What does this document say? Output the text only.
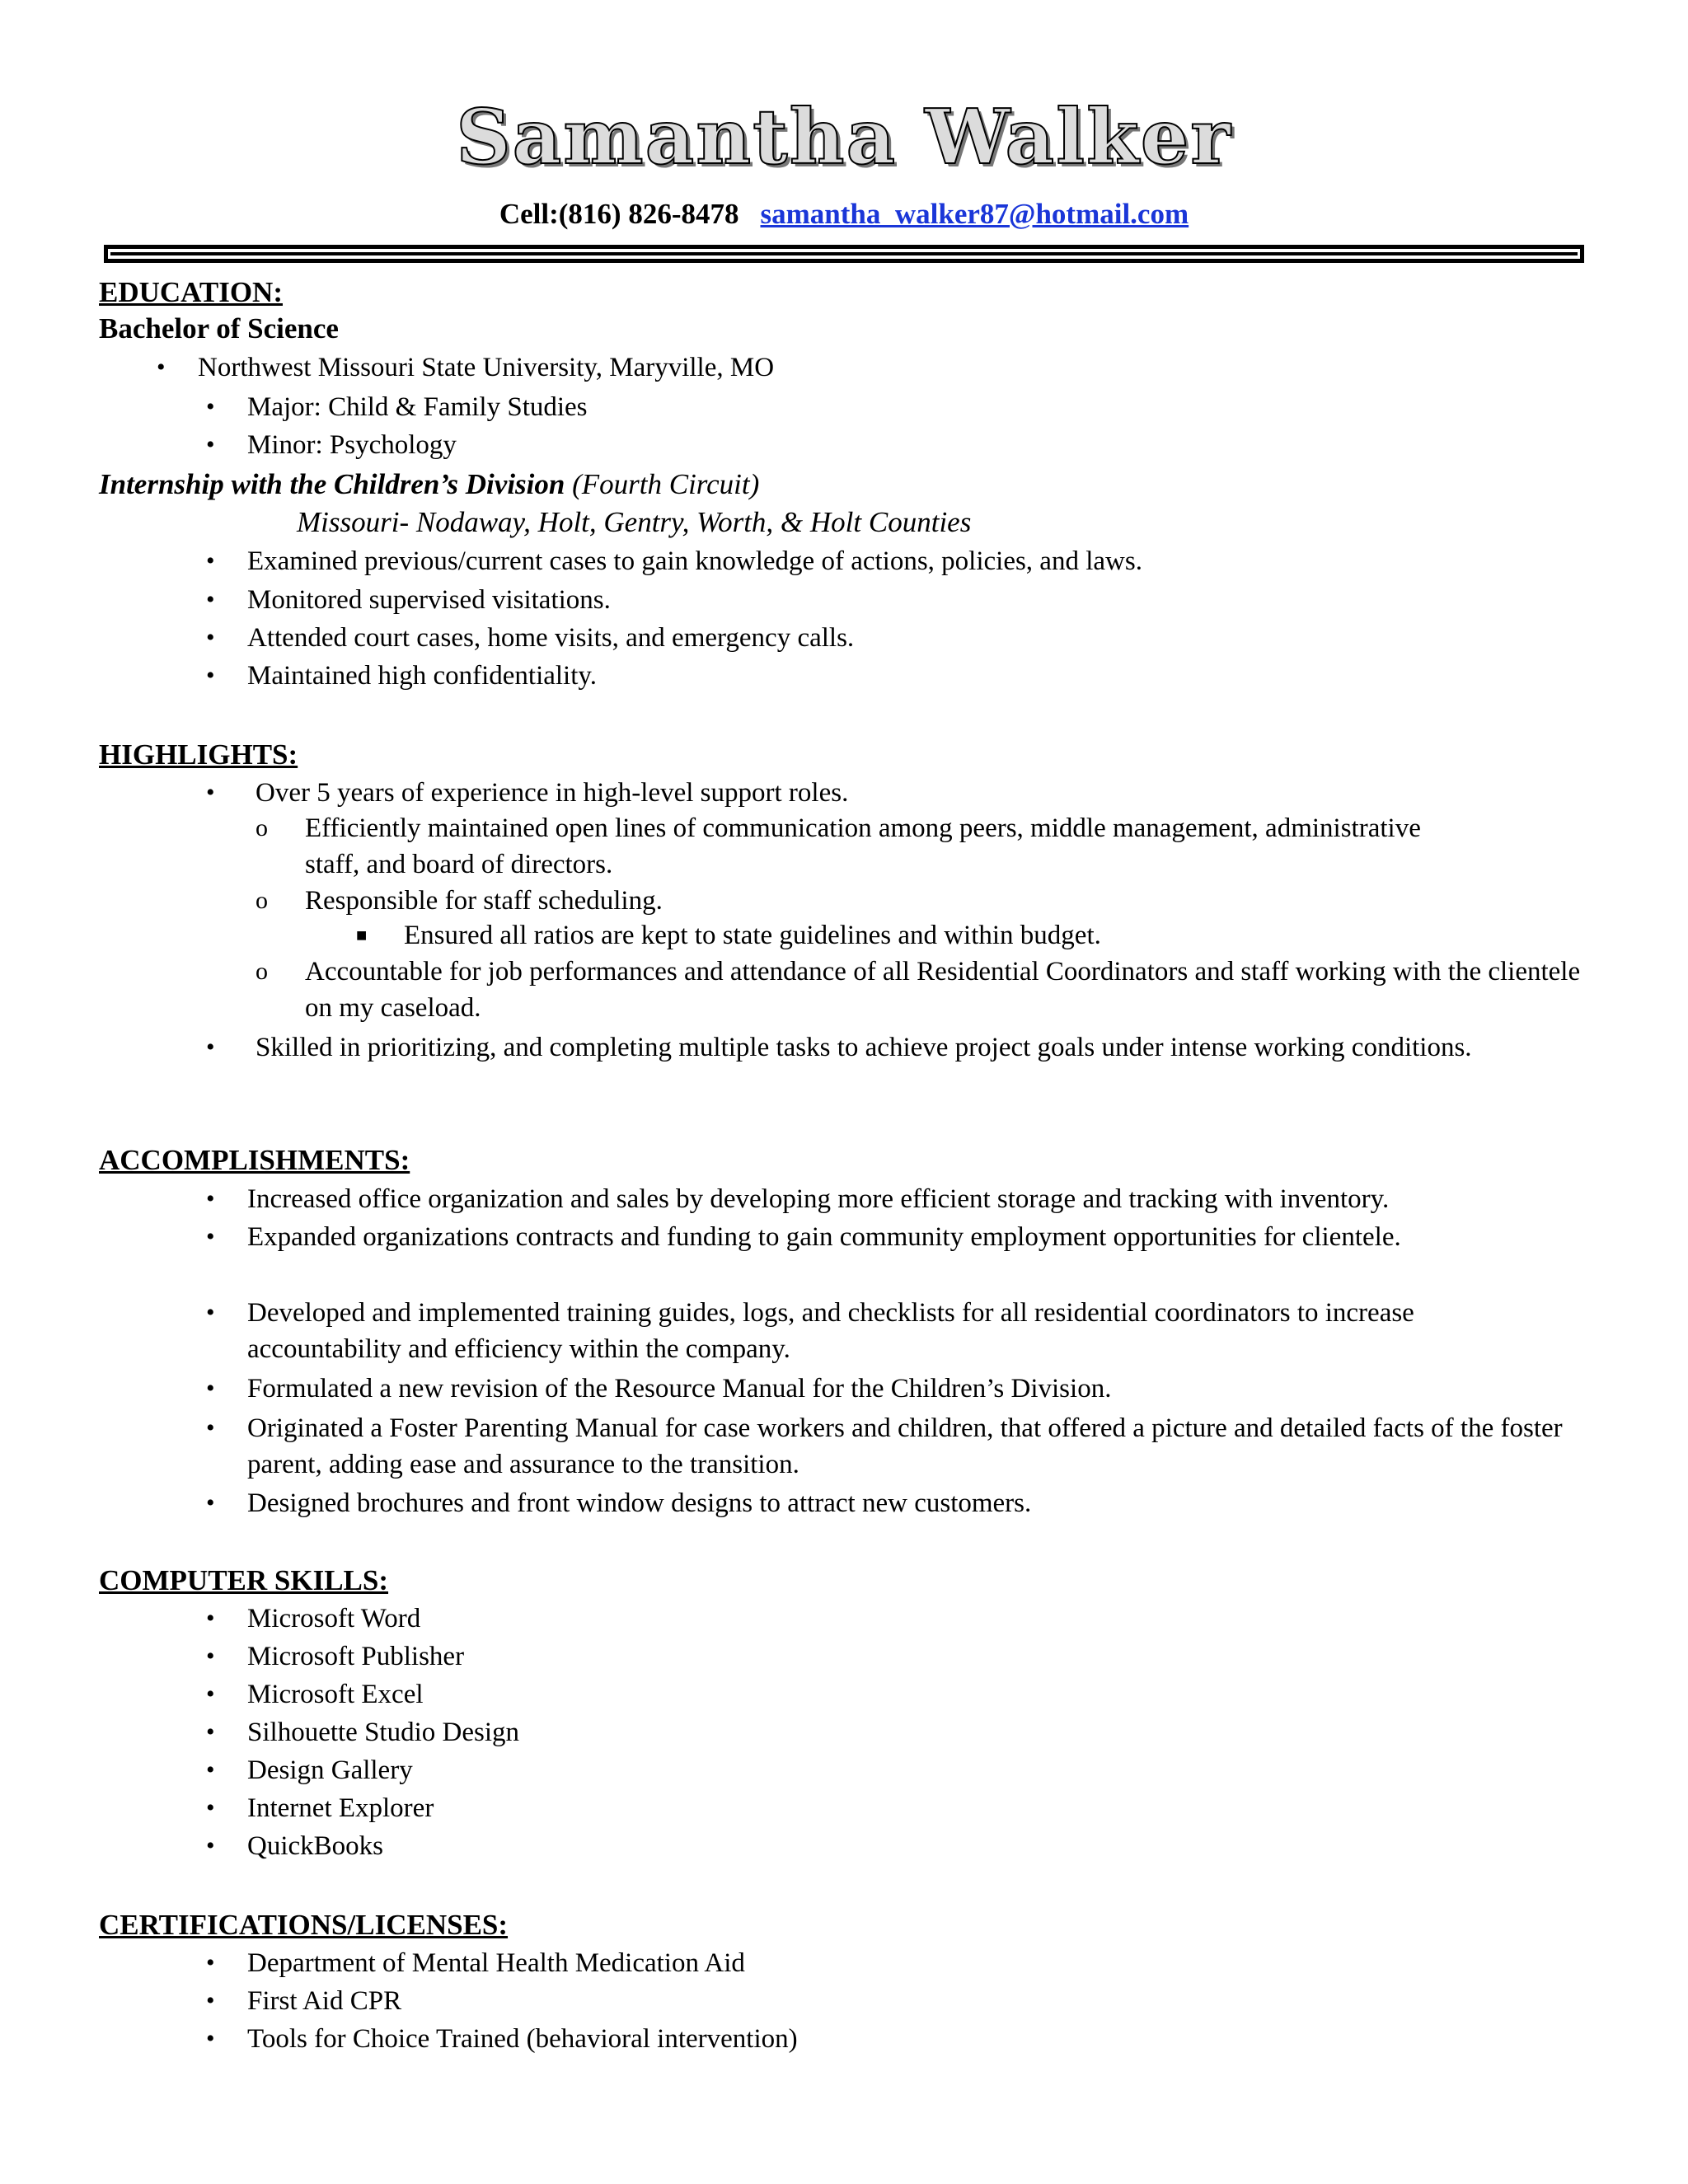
Samantha Walker
Cell:(816) 826-8478 samantha_walker87@hotmail.com
EDUCATION:
Bachelor of Science
• Northwest Missouri State University, Maryville, MO
• Major: Child & Family Studies
• Minor: Psychology
Internship with the Children’s Division (Fourth Circuit)
Missouri- Nodaway, Holt, Gentry, Worth, & Holt Counties
• Examined previous/current cases to gain knowledge of actions, policies, and laws.
• Monitored supervised visitations.
• Attended court cases, home visits, and emergency calls.
• Maintained high confidentiality.
HIGHLIGHTS:
• Over 5 years of experience in high-level support roles.
o Efficiently maintained open lines of communication among peers, middle management, administrative staff, and board of directors.
o Responsible for staff scheduling.
■ Ensured all ratios are kept to state guidelines and within budget.
o Accountable for job performances and attendance of all Residential Coordinators and staff working with the clientele on my caseload.
• Skilled in prioritizing, and completing multiple tasks to achieve project goals under intense working conditions.
ACCOMPLISHMENTS:
• Increased office organization and sales by developing more efficient storage and tracking with inventory.
• Expanded organizations contracts and funding to gain community employment opportunities for clientele.
• Developed and implemented training guides, logs, and checklists for all residential coordinators to increase accountability and efficiency within the company.
• Formulated a new revision of the Resource Manual for the Children’s Division.
• Originated a Foster Parenting Manual for case workers and children, that offered a picture and detailed facts of the foster parent, adding ease and assurance to the transition.
• Designed brochures and front window designs to attract new customers.
COMPUTER SKILLS:
• Microsoft Word
• Microsoft Publisher
• Microsoft Excel
• Silhouette Studio Design
• Design Gallery
• Internet Explorer
• QuickBooks
CERTIFICATIONS/LICENSES:
• Department of Mental Health Medication Aid
• First Aid CPR
• Tools for Choice Trained (behavioral intervention)
